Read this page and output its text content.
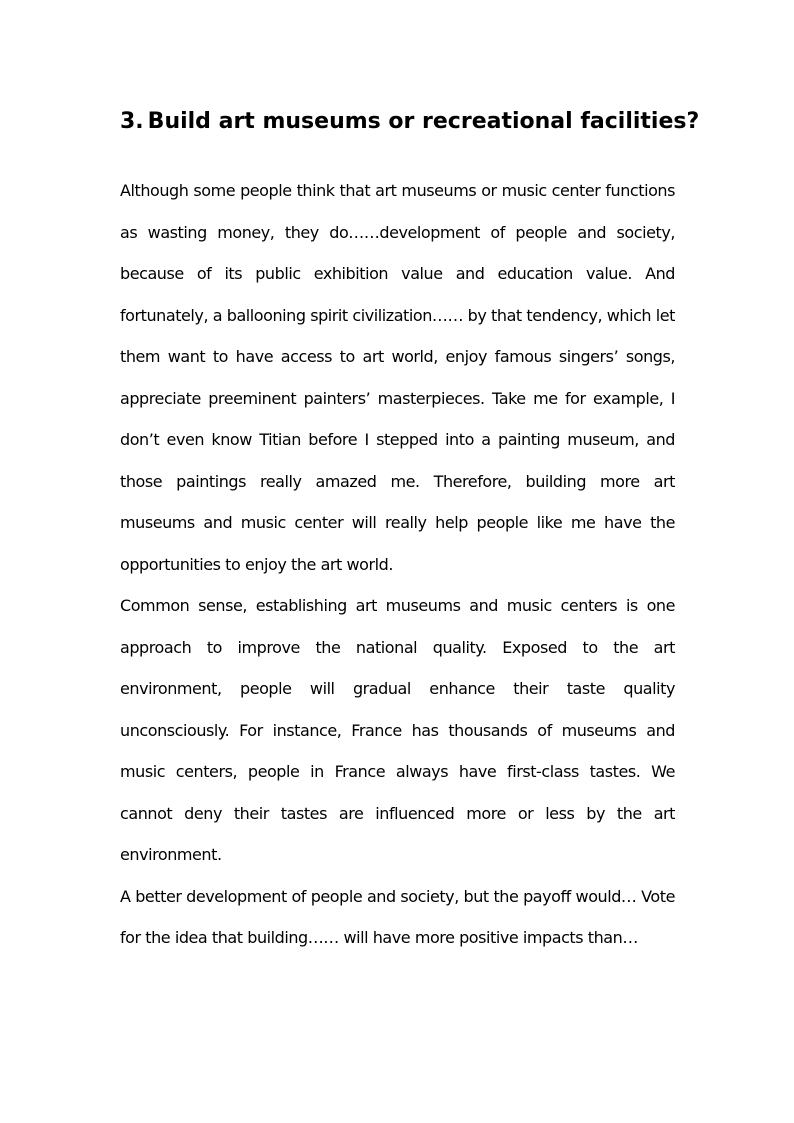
3. Build art museums or recreational facilities?

Although some people think that art museums or music center functions as wasting money, they do……development of people and society, because of its public exhibition value and education value. And fortunately, a ballooning spirit civilization…… by that tendency, which let them want to have access to art world, enjoy famous singers’ songs, appreciate preeminent painters’ masterpieces. Take me for example, I don’t even know Titian before I stepped into a painting museum, and those paintings really amazed me. Therefore, building more art museums and music center will really help people like me have the opportunities to enjoy the art world.

Common sense, establishing art museums and music centers is one approach to improve the national quality. Exposed to the art environment, people will gradual enhance their taste quality unconsciously. For instance, France has thousands of museums and music centers, people in France always have first-class tastes. We cannot deny their tastes are influenced more or less by the art environment.

A better development of people and society, but the payoff would… Vote for the idea that building…… will have more positive impacts than…
